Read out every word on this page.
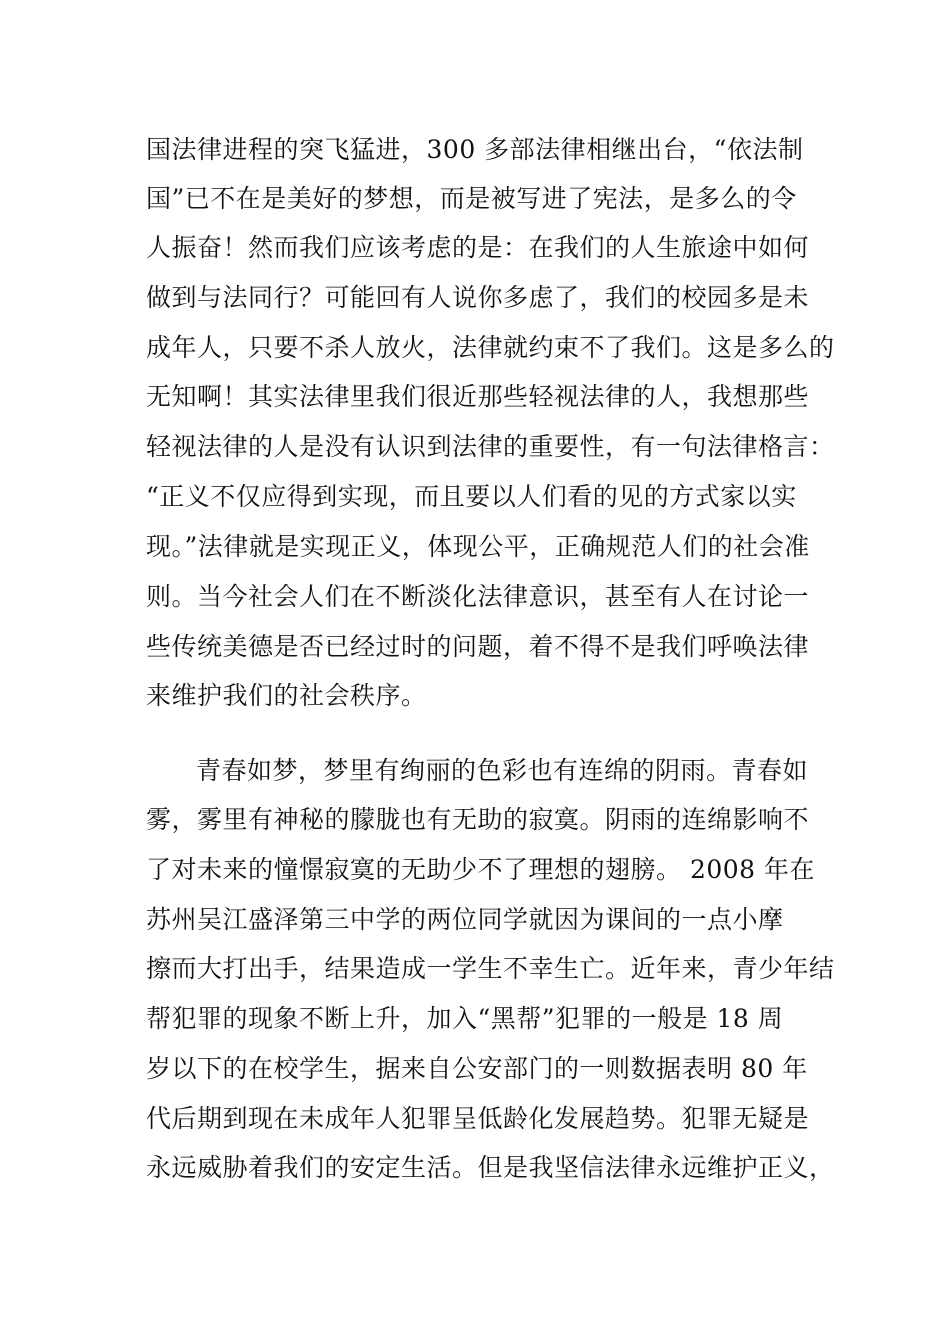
国法律进程的突飞猛进，300 多部法律相继出台，“依法制
国”已不在是美好的梦想，而是被写进了宪法，是多么的令
人振奋！然而我们应该考虑的是：在我们的人生旅途中如何
做到与法同行？可能回有人说你多虑了，我们的校园多是未
成年人，只要不杀人放火，法律就约束不了我们。这是多么的
无知啊！其实法律里我们很近那些轻视法律的人，我想那些
轻视法律的人是没有认识到法律的重要性，有一句法律格言：
“正义不仅应得到实现，而且要以人们看的见的方式家以实
现。”法律就是实现正义，体现公平，正确规范人们的社会准
则。当今社会人们在不断淡化法律意识，甚至有人在讨论一
些传统美德是否已经过时的问题，着不得不是我们呼唤法律
来维护我们的社会秩序。
青春如梦，梦里有绚丽的色彩也有连绵的阴雨。青春如
雾，雾里有神秘的朦胧也有无助的寂寞。阴雨的连绵影响不
了对未来的憧憬寂寞的无助少不了理想的翅膀。 2008 年在
苏州吴江盛泽第三中学的两位同学就因为课间的一点小摩
擦而大打出手，结果造成一学生不幸生亡。近年来，青少年结
帮犯罪的现象不断上升，加入“黑帮”犯罪的一般是 18 周
岁以下的在校学生，据来自公安部门的一则数据表明 80 年
代后期到现在未成年人犯罪呈低龄化发展趋势。犯罪无疑是
永远威胁着我们的安定生活。但是我坚信法律永远维护正义，
